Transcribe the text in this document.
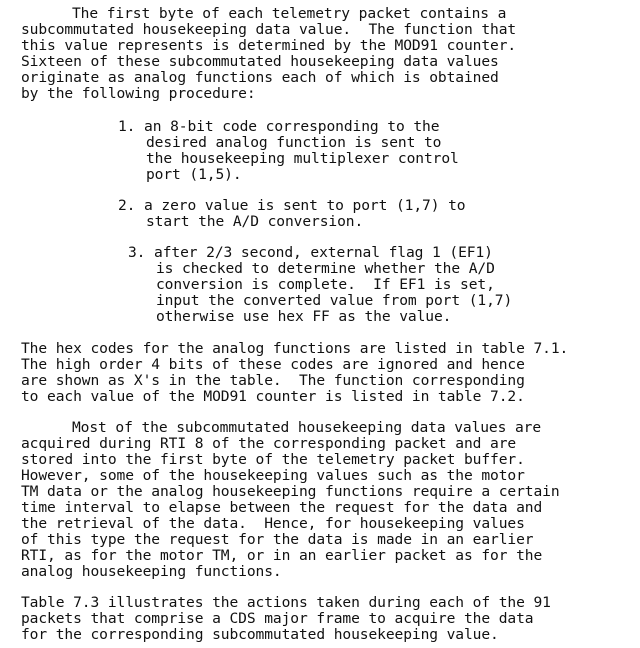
The first byte of each telemetry packet contains a
subcommutated housekeeping data value.  The function that
this value represents is determined by the MOD91 counter.
Sixteen of these subcommutated housekeeping data values
originate as analog functions each of which is obtained
by the following procedure:
1. an 8-bit code corresponding to the
desired analog function is sent to
the housekeeping multiplexer control
port (1,5).
2. a zero value is sent to port (1,7) to
start the A/D conversion.
3. after 2/3 second, external flag 1 (EF1)
is checked to determine whether the A/D
conversion is complete.  If EF1 is set,
input the converted value from port (1,7)
otherwise use hex FF as the value.
The hex codes for the analog functions are listed in table 7.1.
The high order 4 bits of these codes are ignored and hence
are shown as X's in the table.  The function corresponding
to each value of the MOD91 counter is listed in table 7.2.
Most of the subcommutated housekeeping data values are
acquired during RTI 8 of the corresponding packet and are
stored into the first byte of the telemetry packet buffer.
However, some of the housekeeping values such as the motor
TM data or the analog housekeeping functions require a certain
time interval to elapse between the request for the data and
the retrieval of the data.  Hence, for housekeeping values
of this type the request for the data is made in an earlier
RTI, as for the motor TM, or in an earlier packet as for the
analog housekeeping functions.
Table 7.3 illustrates the actions taken during each of the 91
packets that comprise a CDS major frame to acquire the data
for the corresponding subcommutated housekeeping value.
